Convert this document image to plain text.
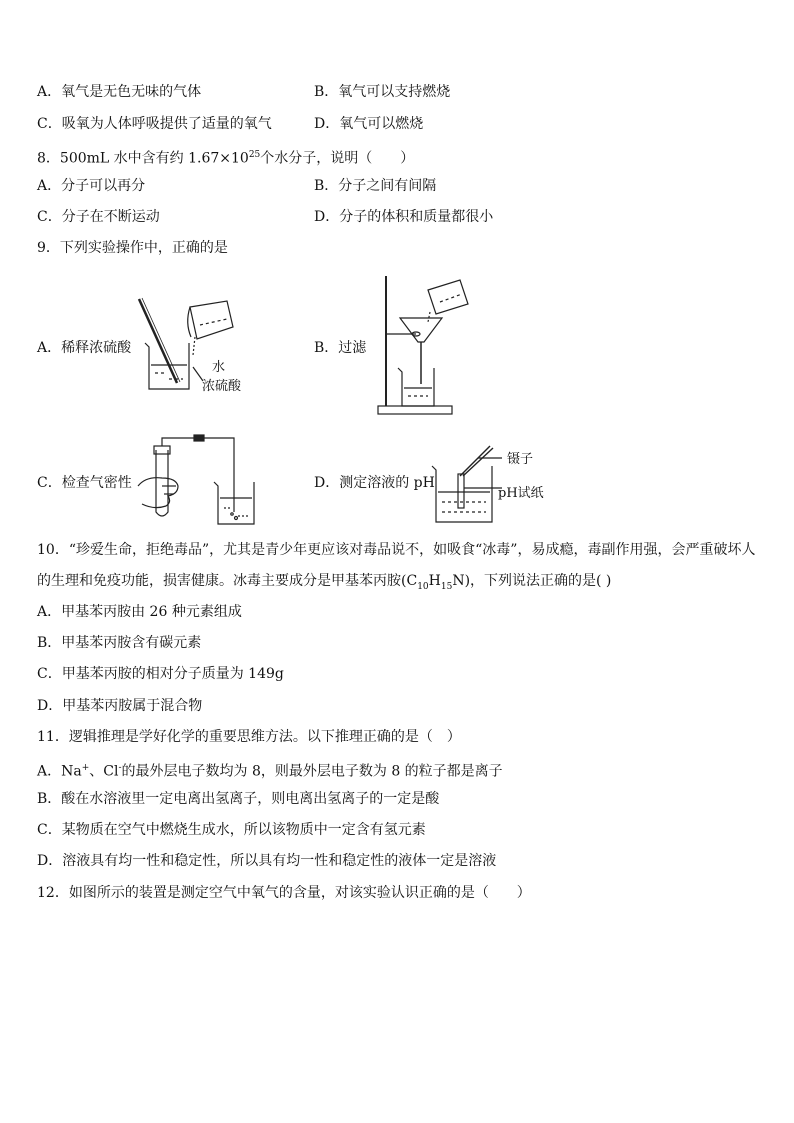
A．氧气是无色无味的气体	B．氧气可以支持燃烧
C．吸氧为人体呼吸提供了适量的氧气	D．氧气可以燃烧
8．500mL 水中含有约 $1.67\times 10^{25}$个水分子，说明（　　）
A．分子可以再分	B．分子之间有间隔
C．分子在不断运动	D．分子的体积和质量都很小
9．下列实验操作中，正确的是
A．稀释浓硫酸
水
浓硫酸
B．过滤
C．检查气密性	D．测定溶液的 pH
镊子
pH试纸
10．“珍爱生命，拒绝毒品”，尤其是青少年更应该对毒品说不，如吸食“冰毒”，易成瘾，毒副作用强，会严重破坏人
的生理和免疫功能，损害健康。冰毒主要成分是甲基苯丙胺$(C_{10}H_{15}N)$，下列说法正确的是( )
A．甲基苯丙胺由 26 种元素组成
B．甲基苯丙胺含有碳元素
C．甲基苯丙胺的相对分子质量为 149g
D．甲基苯丙胺属于混合物
11．逻辑推理是学好化学的重要思维方法。以下推理正确的是（　）
A．Na+、Cl-的最外层电子数均为 8，则最外层电子数为 8 的粒子都是离子
B．酸在水溶液里一定电离出氢离子，则电离出氢离子的一定是酸
C．某物质在空气中燃烧生成水，所以该物质中一定含有氢元素
D．溶液具有均一性和稳定性，所以具有均一性和稳定性的液体一定是溶液
12．如图所示的装置是测定空气中氧气的含量，对该实验认识正确的是（　　）
